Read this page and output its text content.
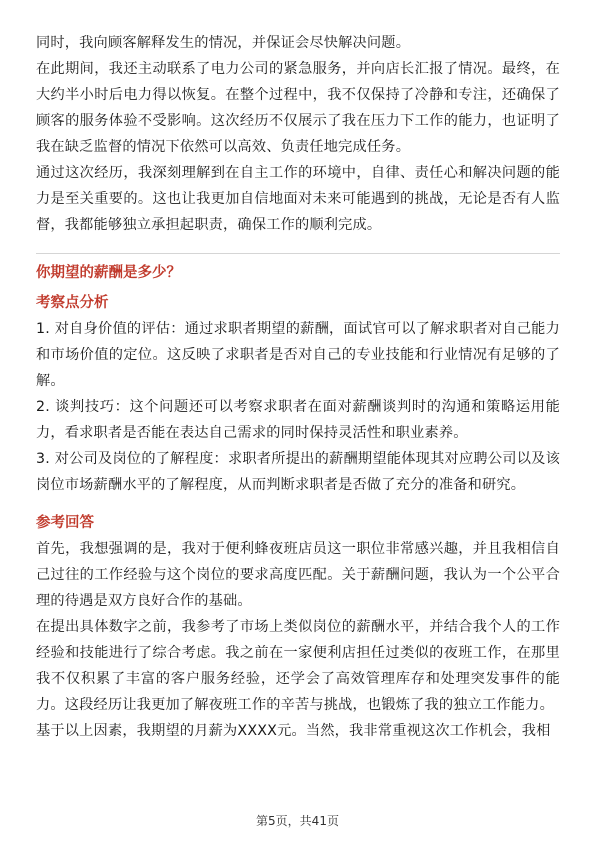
同时，我向顾客解释发生的情况，并保证会尽快解决问题。

在此期间，我还主动联系了电力公司的紧急服务，并向店长汇报了情况。最终，在大约半小时后电力得以恢复。在整个过程中，我不仅保持了冷静和专注，还确保了顾客的服务体验不受影响。这次经历不仅展示了我在压力下工作的能力，也证明了我在缺乏监督的情况下依然可以高效、负责任地完成任务。

通过这次经历，我深刻理解到在自主工作的环境中，自律、责任心和解决问题的能力是至关重要的。这也让我更加自信地面对未来可能遇到的挑战，无论是否有人监督，我都能够独立承担起职责，确保工作的顺利完成。

你期望的薪酬是多少？

考察点分析

1. 对自身价值的评估：通过求职者期望的薪酬，面试官可以了解求职者对自己能力和市场价值的定位。这反映了求职者是否对自己的专业技能和行业情况有足够的了解。

2. 谈判技巧：这个问题还可以考察求职者在面对薪酬谈判时的沟通和策略运用能力，看求职者是否能在表达自己需求的同时保持灵活性和职业素养。

3. 对公司及岗位的了解程度：求职者所提出的薪酬期望能体现其对应聘公司以及该岗位市场薪酬水平的了解程度，从而判断求职者是否做了充分的准备和研究。

参考回答

首先，我想强调的是，我对于便利蜂夜班店员这一职位非常感兴趣，并且我相信自己过往的工作经验与这个岗位的要求高度匹配。关于薪酬问题，我认为一个公平合理的待遇是双方良好合作的基础。

在提出具体数字之前，我参考了市场上类似岗位的薪酬水平，并结合我个人的工作经验和技能进行了综合考虑。我之前在一家便利店担任过类似的夜班工作，在那里我不仅积累了丰富的客户服务经验，还学会了高效管理库存和处理突发事件的能力。这段经历让我更加了解夜班工作的辛苦与挑战，也锻炼了我的独立工作能力。

基于以上因素，我期望的月薪为XXXX元。当然，我非常重视这次工作机会，我相

第5页，共41页
